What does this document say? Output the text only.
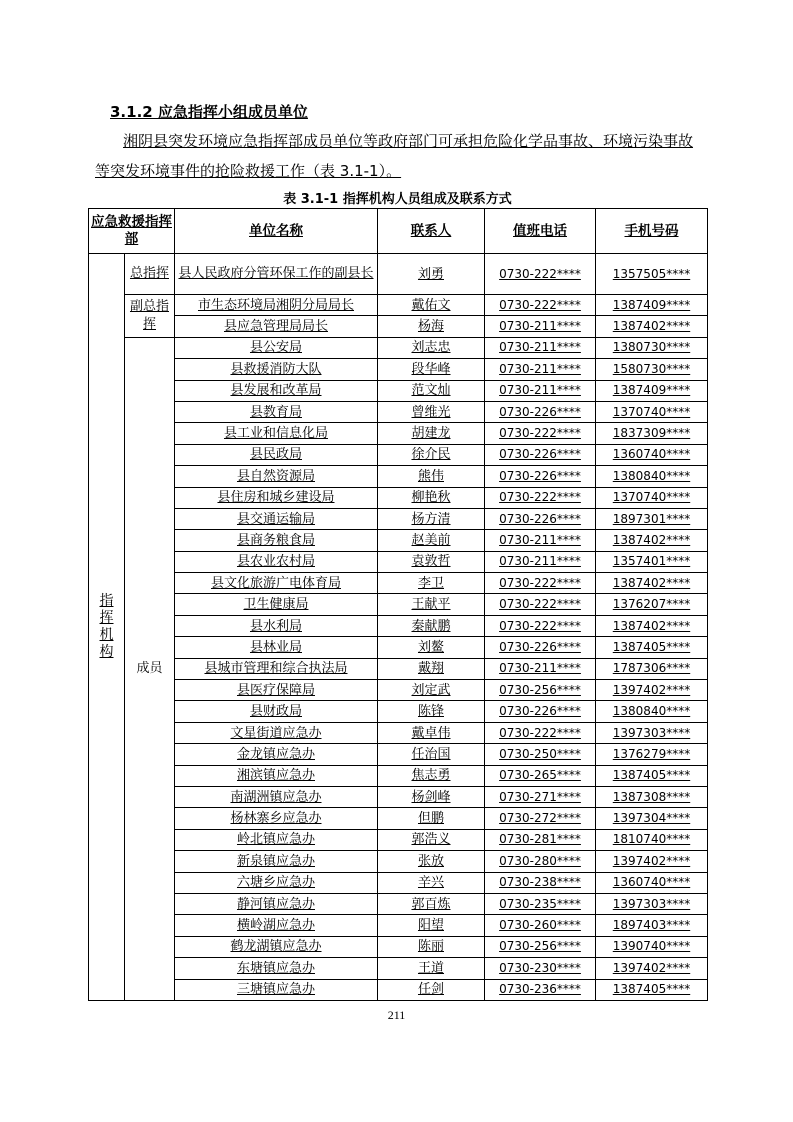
3.1.2 应急指挥小组成员单位
湘阴县突发环境应急指挥部成员单位等政府部门可承担危险化学品事故、环境污染事故等突发环境事件的抢险救援工作（表 3.1-1）。
表 3.1-1 指挥机构人员组成及联系方式
应急救援指挥部		单位名称	联系人	值班电话	手机号码
指挥机构	总指挥	县人民政府分管环保工作的副县长	刘勇	0730-222****	1357505****
	副总指挥	市生态环境局湘阴分局局长	戴佑文	0730-222****	1387409****
		县应急管理局局长	杨海	0730-211****	1387402****
	成员	县公安局	刘志忠	0730-211****	1380730****
		县救援消防大队	段华峰	0730-211****	1580730****
		县发展和改革局	范文灿	0730-211****	1387409****
		县教育局	曾维光	0730-226****	1370740****
		县工业和信息化局	胡建龙	0730-222****	1837309****
		县民政局	徐介民	0730-226****	1360740****
		县自然资源局	熊伟	0730-226****	1380840****
		县住房和城乡建设局	柳艳秋	0730-222****	1370740****
		县交通运输局	杨方清	0730-226****	1897301****
		县商务粮食局	赵美前	0730-211****	1387402****
		县农业农村局	袁敦哲	0730-211****	1357401****
		县文化旅游广电体育局	李卫	0730-222****	1387402****
		卫生健康局	王献平	0730-222****	1376207****
		县水利局	秦献鹏	0730-222****	1387402****
		县林业局	刘鳌	0730-226****	1387405****
		县城市管理和综合执法局	戴翔	0730-211****	1787306****
		县医疗保障局	刘定武	0730-256****	1397402****
		县财政局	陈锋	0730-226****	1380840****
		文星街道应急办	戴卓伟	0730-222****	1397303****
		金龙镇应急办	任治国	0730-250****	1376279****
		湘滨镇应急办	焦志勇	0730-265****	1387405****
		南湖洲镇应急办	杨剑峰	0730-271****	1387308****
		杨林寨乡应急办	但鹏	0730-272****	1397304****
		岭北镇应急办	郭浩义	0730-281****	1810740****
		新泉镇应急办	张放	0730-280****	1397402****
		六塘乡应急办	辛兴	0730-238****	1360740****
		静河镇应急办	郭百炼	0730-235****	1397303****
		横岭湖应急办	阳望	0730-260****	1897403****
		鹤龙湖镇应急办	陈丽	0730-256****	1390740****
		东塘镇应急办	王道	0730-230****	1397402****
		三塘镇应急办	任剑	0730-236****	1387405****
211
